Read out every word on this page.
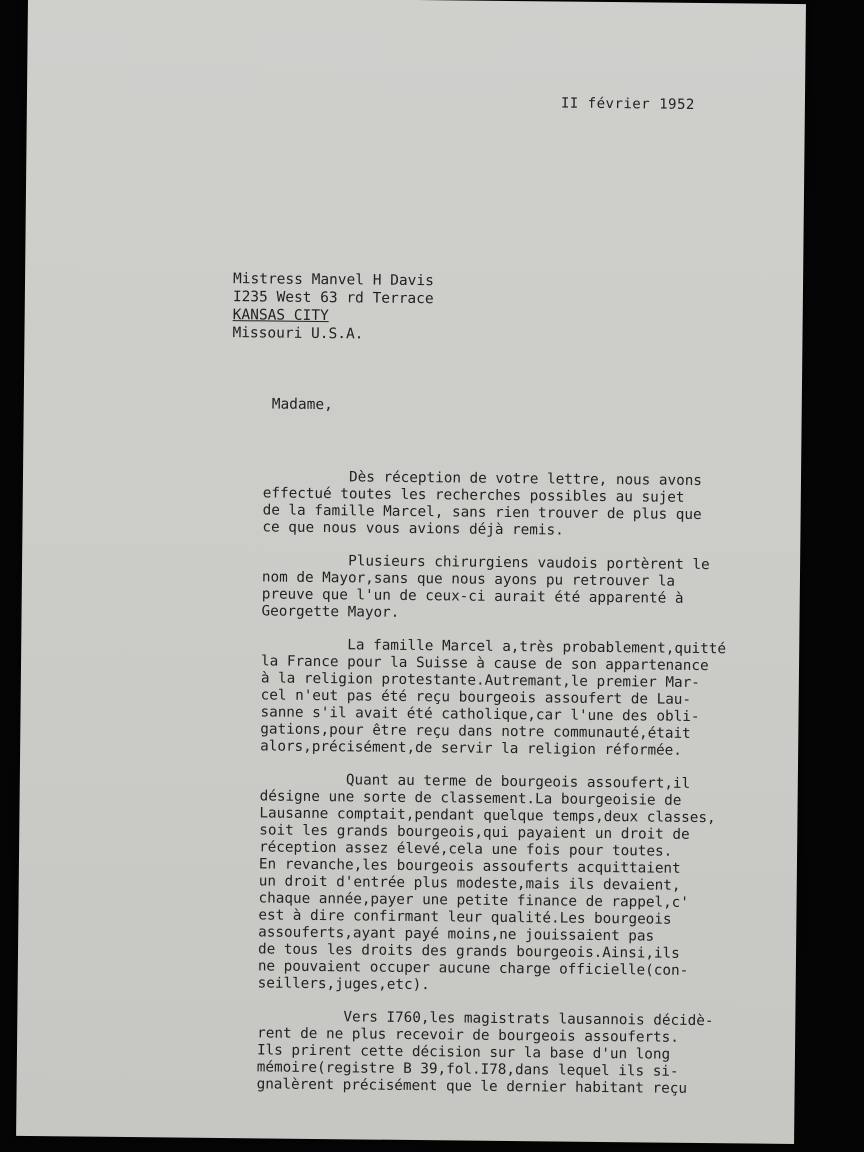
II février 1952
Mistress Manvel H Davis
I235 West 63 rd Terrace
KANSAS CITY
Missouri U.S.A.
Madame,

Dès réception de votre lettre, nous avons
effectué toutes les recherches possibles au sujet
de la famille Marcel, sans rien trouver de plus que
ce que nous vous avions déjà remis.

Plusieurs chirurgiens vaudois portèrent le
nom de Mayor,sans que nous ayons pu retrouver la
preuve que l'un de ceux-ci aurait été apparenté à
Georgette Mayor.

La famille Marcel a,très probablement,quitté
la France pour la Suisse à cause de son appartenance
à la religion protestante.Autremant,le premier Mar-
cel n'eut pas été reçu bourgeois assoufert de Lau-
sanne s'il avait été catholique,car l'une des obli-
gations,pour être reçu dans notre communauté,était
alors,précisément,de servir la religion réformée.

Quant au terme de bourgeois assoufert,il
désigne une sorte de classement.La bourgeoisie de
Lausanne comptait,pendant quelque temps,deux classes,
soit les grands bourgeois,qui payaient un droit de
réception assez élevé,cela une fois pour toutes.
En revanche,les bourgeois assouferts acquittaient
un droit d'entrée plus modeste,mais ils devaient,
chaque année,payer une petite finance de rappel,c'
est à dire confirmant leur qualité.Les bourgeois
assouferts,ayant payé moins,ne jouissaient pas
de tous les droits des grands bourgeois.Ainsi,ils
ne pouvaient occuper aucune charge officielle(con-
seillers,juges,etc).

Vers I760,les magistrats lausannois décidè-
rent de ne plus recevoir de bourgeois assouferts.
Ils prirent cette décision sur la base d'un long
mémoire(registre B 39,fol.I78,dans lequel ils si-
gnalèrent précisément que le dernier habitant reçu
